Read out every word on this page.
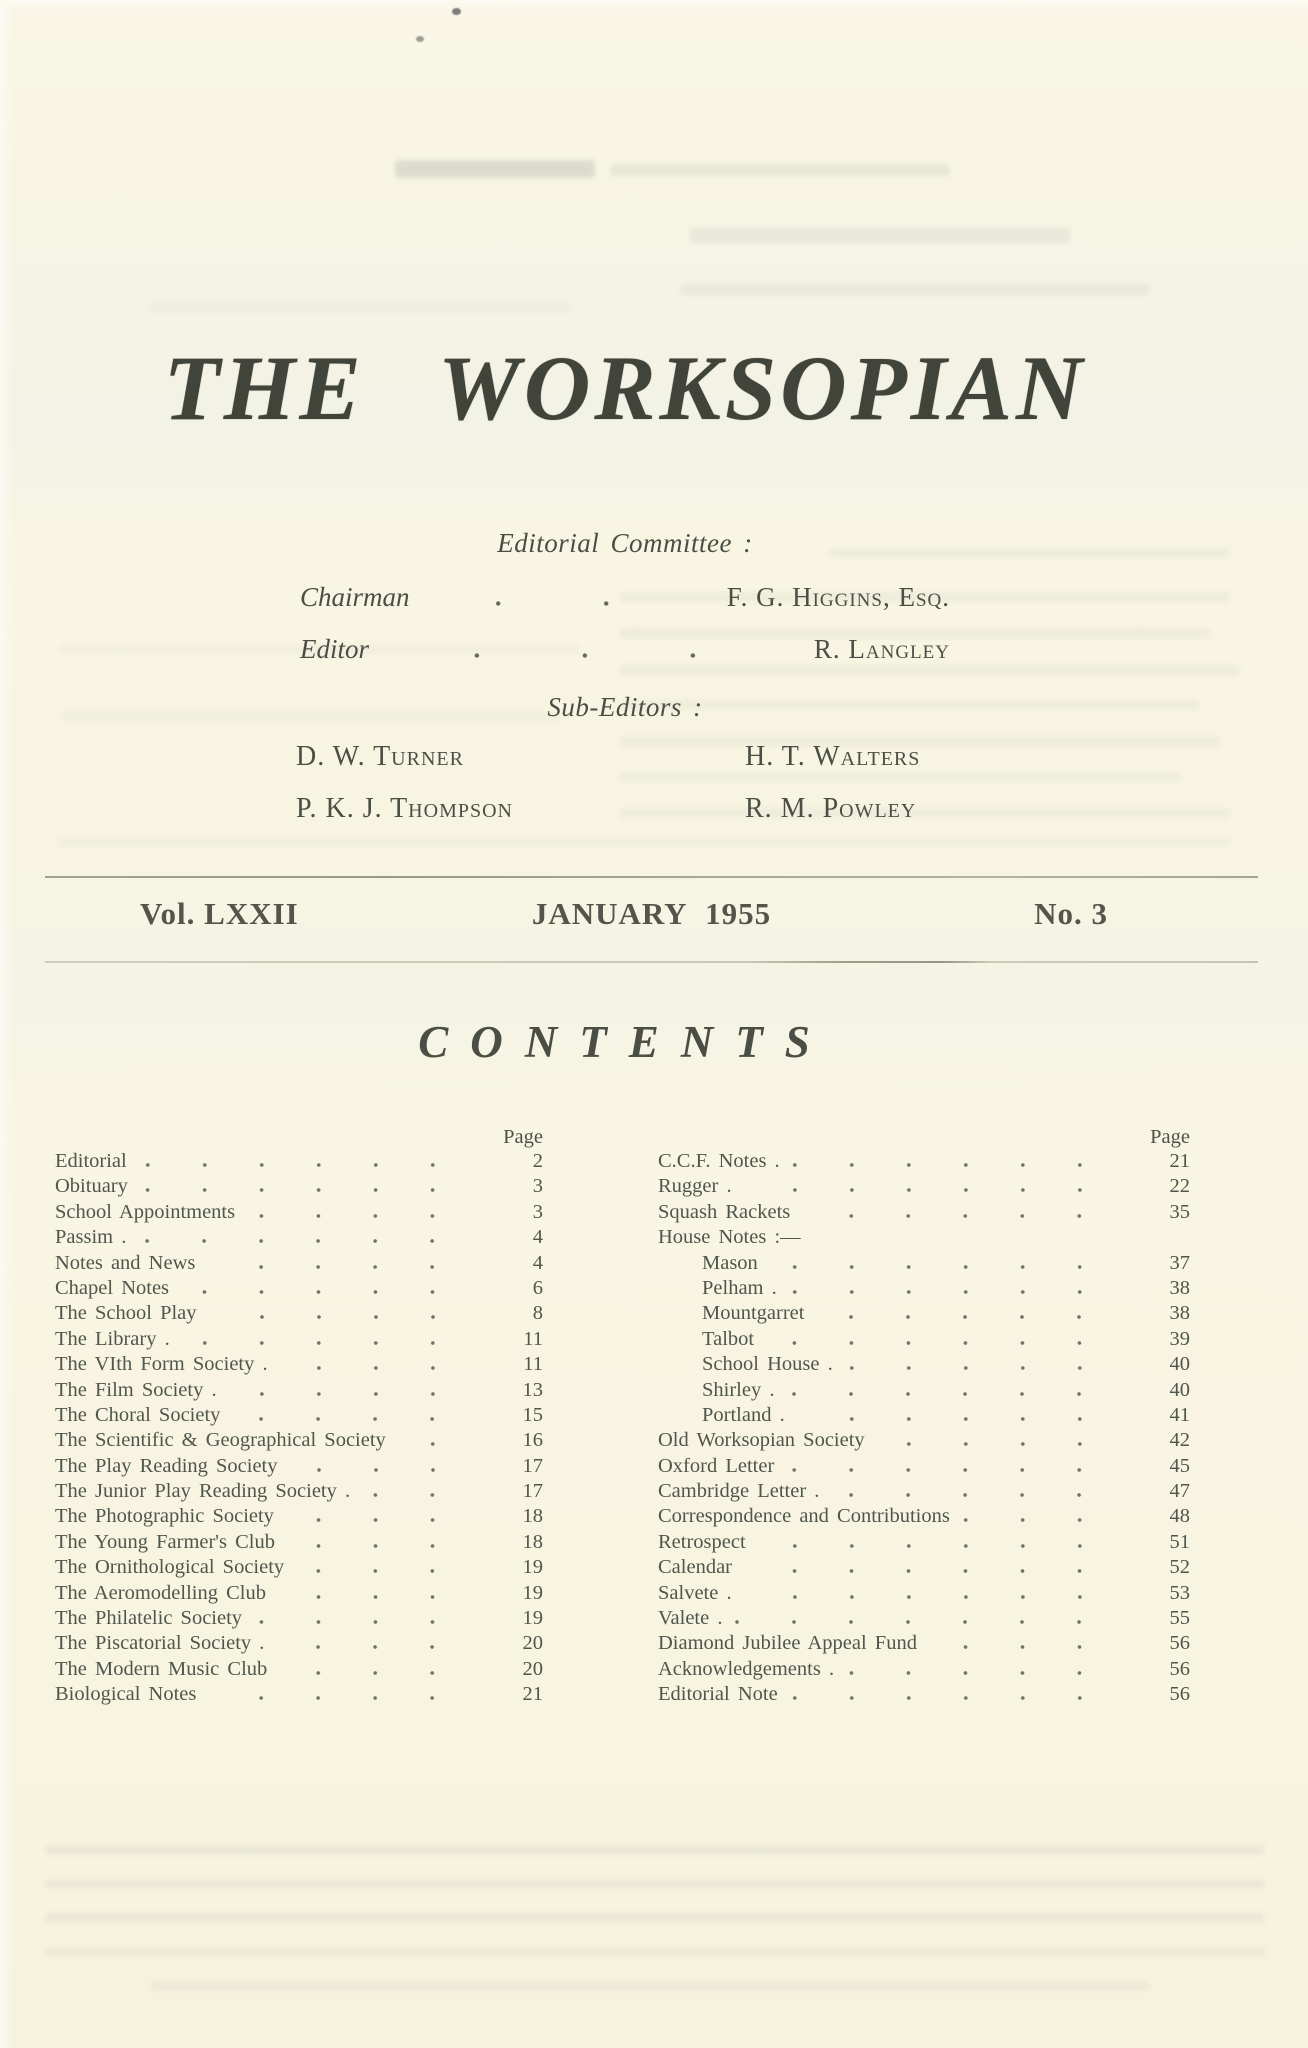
THE WORKSOPIAN
Editorial Committee :
Chairman	F. G. Higgins, Esq.
Editor	R. Langley
Sub-Editors :
D. W. Turner	H. T. Walters
P. K. J. Thompson	R. M. Powley
Vol. LXXII	JANUARY 1955	No. 3
CONTENTS
Page
Editorial	2
Obituary	3
School Appointments	3
Passim .	4
Notes and News	4
Chapel Notes	6
The School Play	8
The Library .	11
The VIth Form Society .	11
The Film Society .	13
The Choral Society	15
The Scientific & Geographical Society	16
The Play Reading Society	17
The Junior Play Reading Society .	17
The Photographic Society	18
The Young Farmer's Club	18
The Ornithological Society	19
The Aeromodelling Club	19
The Philatelic Society	19
The Piscatorial Society .	20
The Modern Music Club	20
Biological Notes	21
Page
C.C.F. Notes .	21
Rugger .	22
Squash Rackets	35
House Notes :—
Mason	37
Pelham .	38
Mountgarret	38
Talbot	39
School House .	40
Shirley .	40
Portland .	41
Old Worksopian Society	42
Oxford Letter	45
Cambridge Letter .	47
Correspondence and Contributions	48
Retrospect	51
Calendar	52
Salvete .	53
Valete .	55
Diamond Jubilee Appeal Fund	56
Acknowledgements .	56
Editorial Note	56
